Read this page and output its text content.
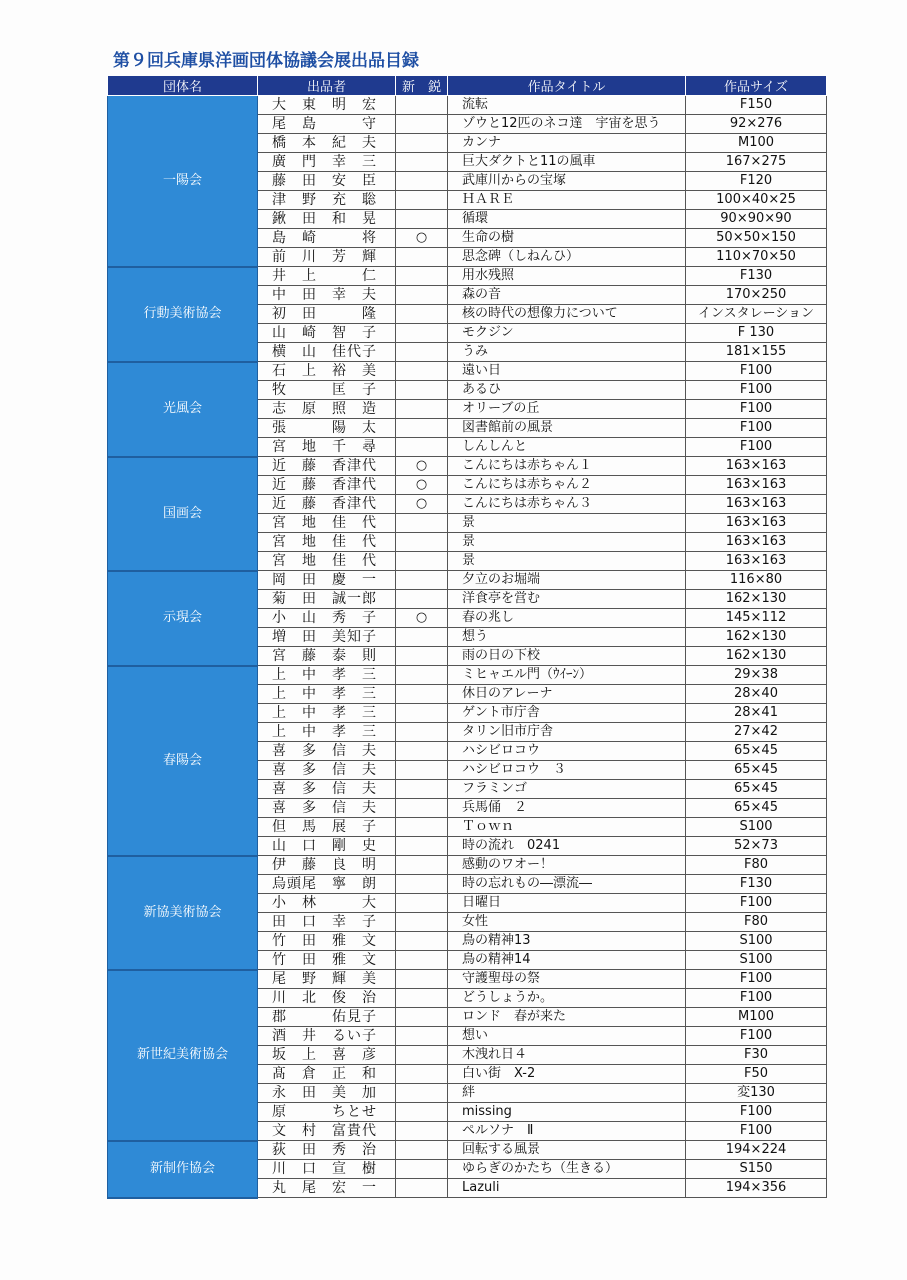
第９回兵庫県洋画団体協議会展出品目録
団体名	出品者	新　鋭	作品タイトル	作品サイズ
一陽会	大　東　明　宏		流転	F150
	尾　島　　　守		ゾウと12匹のネコ達　宇宙を思う	92×276
	橋　本　紀　夫		カンナ	M100
	廣　門　幸　三		巨大ダクトと11の風車	167×275
	藤　田　安　臣		武庫川からの宝塚	F120
	津　野　充　聡		ＨＡＲＥ	100×40×25
	鍬　田　和　晃		循環	90×90×90
	島　崎　　　将	○	生命の樹	50×50×150
	前　川　芳　輝		思念碑（しねんひ）	110×70×50
行動美術協会	井　上　　　仁		用水残照	F130
	中　田　幸　夫		森の音	170×250
	初　田　　　隆		核の時代の想像力について	インスタレーション
	山　崎　智　子		モクジン	F 130
	横　山　佳代子		うみ	181×155
光風会	石　上　裕　美		遠い日	F100
	牧　　　匡　子		あるひ	F100
	志　原　照　造		オリーブの丘	F100
	張　　　陽　太		図書館前の風景	F100
	宮　地　千　尋		しんしんと	F100
国画会	近　藤　香津代	○	こんにちは赤ちゃん１	163×163
	近　藤　香津代	○	こんにちは赤ちゃん２	163×163
	近　藤　香津代	○	こんにちは赤ちゃん３	163×163
	宮　地　佳　代		景	163×163
	宮　地　佳　代		景	163×163
	宮　地　佳　代		景	163×163
示現会	岡　田　慶　一		夕立のお堀端	116×80
	菊　田　誠一郎		洋食亭を営む	162×130
	小　山　秀　子	○	春の兆し	145×112
	増　田　美知子		想う	162×130
	宮　藤　泰　則		雨の日の下校	162×130
春陽会	上　中　孝　三		ミヒャエル門（ｳｲｰﾝ）	29×38
	上　中　孝　三		休日のアレーナ	28×40
	上　中　孝　三		ゲント市庁舎	28×41
	上　中　孝　三		タリン旧市庁舎	27×42
	喜　多　信　夫		ハシビロコウ	65×45
	喜　多　信　夫		ハシビロコウ　３	65×45
	喜　多　信　夫		フラミンゴ	65×45
	喜　多　信　夫		兵馬俑　２	65×45
	但　馬　展　子		Ｔｏｗｎ	S100
	山　口　剛　史		時の流れ　0241	52×73
新協美術協会	伊　藤　良　明		感動のワオー！	F80
	烏頭尾　寧　朗		時の忘れもの―漂流―	F130
	小　林　　　大		日曜日	F100
	田　口　幸　子		女性	F80
	竹　田　雅　文		鳥の精神13	S100
	竹　田　雅　文		鳥の精神14	S100
新世紀美術協会	尾　野　輝　美		守護聖母の祭	F100
	川　北　俊　治		どうしょうか。	F100
	郡　　　佑見子		ロンド　春が来た	M100
	酒　井　るい子		想い	F100
	坂　上　喜　彦		木洩れ日４	F30
	髙　倉　正　和		白い街　X-2	F50
	永　田　美　加		絆	変130
	原　　　ちとせ		missing	F100
	文　村　富貴代		ペルソナ　Ⅱ	F100
新制作協会	荻　田　秀　治		回転する風景	194×224
	川　口　宣　樹		ゆらぎのかたち（生きる）	S150
	丸　尾　宏　一		Lazuli	194×356
